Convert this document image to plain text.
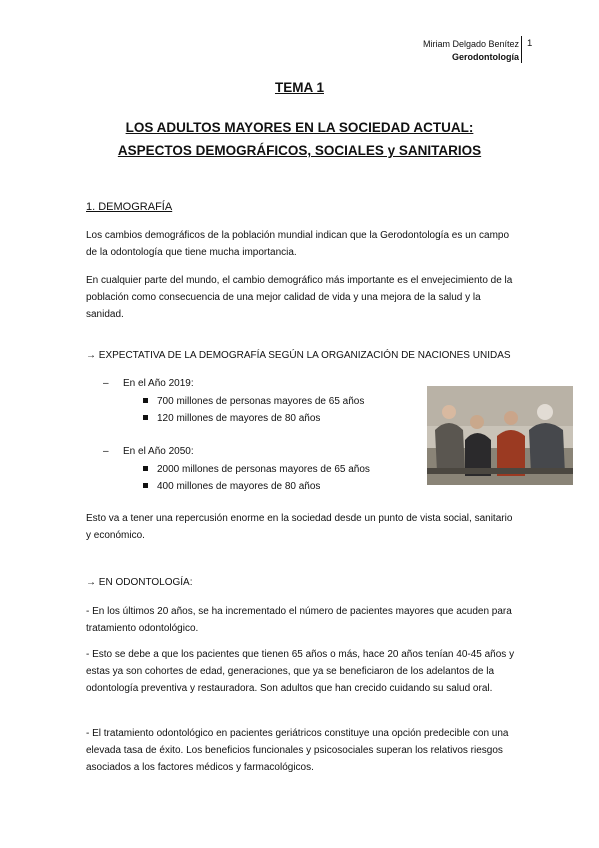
Miriam Delgado Benítez
Gerodontología
1
TEMA 1
LOS ADULTOS MAYORES EN LA SOCIEDAD ACTUAL:
ASPECTOS DEMOGRÁFICOS, SOCIALES y SANITARIOS
1. DEMOGRAFÍA
Los cambios demográficos de la población mundial indican que la Gerodontología es un campo de la odontología que tiene mucha importancia.
En cualquier parte del mundo, el cambio demográfico más importante es el envejecimiento de la población como consecuencia de una mejor calidad de vida y una mejora de la salud y la sanidad.
→ EXPECTATIVA DE LA DEMOGRAFÍA SEGÚN LA ORGANIZACIÓN DE NACIONES UNIDAS
– En el Año 2019:
700 millones de personas mayores de 65 años
120 millones de mayores de 80 años
– En el Año 2050:
2000 millones de personas mayores de 65 años
400 millones de mayores de 80 años
Esto va a tener una repercusión enorme en la sociedad desde un punto de vista social, sanitario y económico.
→ EN ODONTOLOGÍA:
- En los últimos 20 años, se ha incrementado el número de pacientes mayores que acuden para tratamiento odontológico.
- Esto se debe a que los pacientes que tienen 65 años o más, hace 20 años tenían 40-45 años y estas ya son cohortes de edad, generaciones, que ya se beneficiaron de los adelantos de la odontología preventiva y restauradora. Son adultos que han crecido cuidando su salud oral.
- El tratamiento odontológico en pacientes geriátricos constituye una opción predecible con una elevada tasa de éxito. Los beneficios funcionales y psicosociales superan los relativos riesgos asociados a los factores médicos y farmacológicos.
